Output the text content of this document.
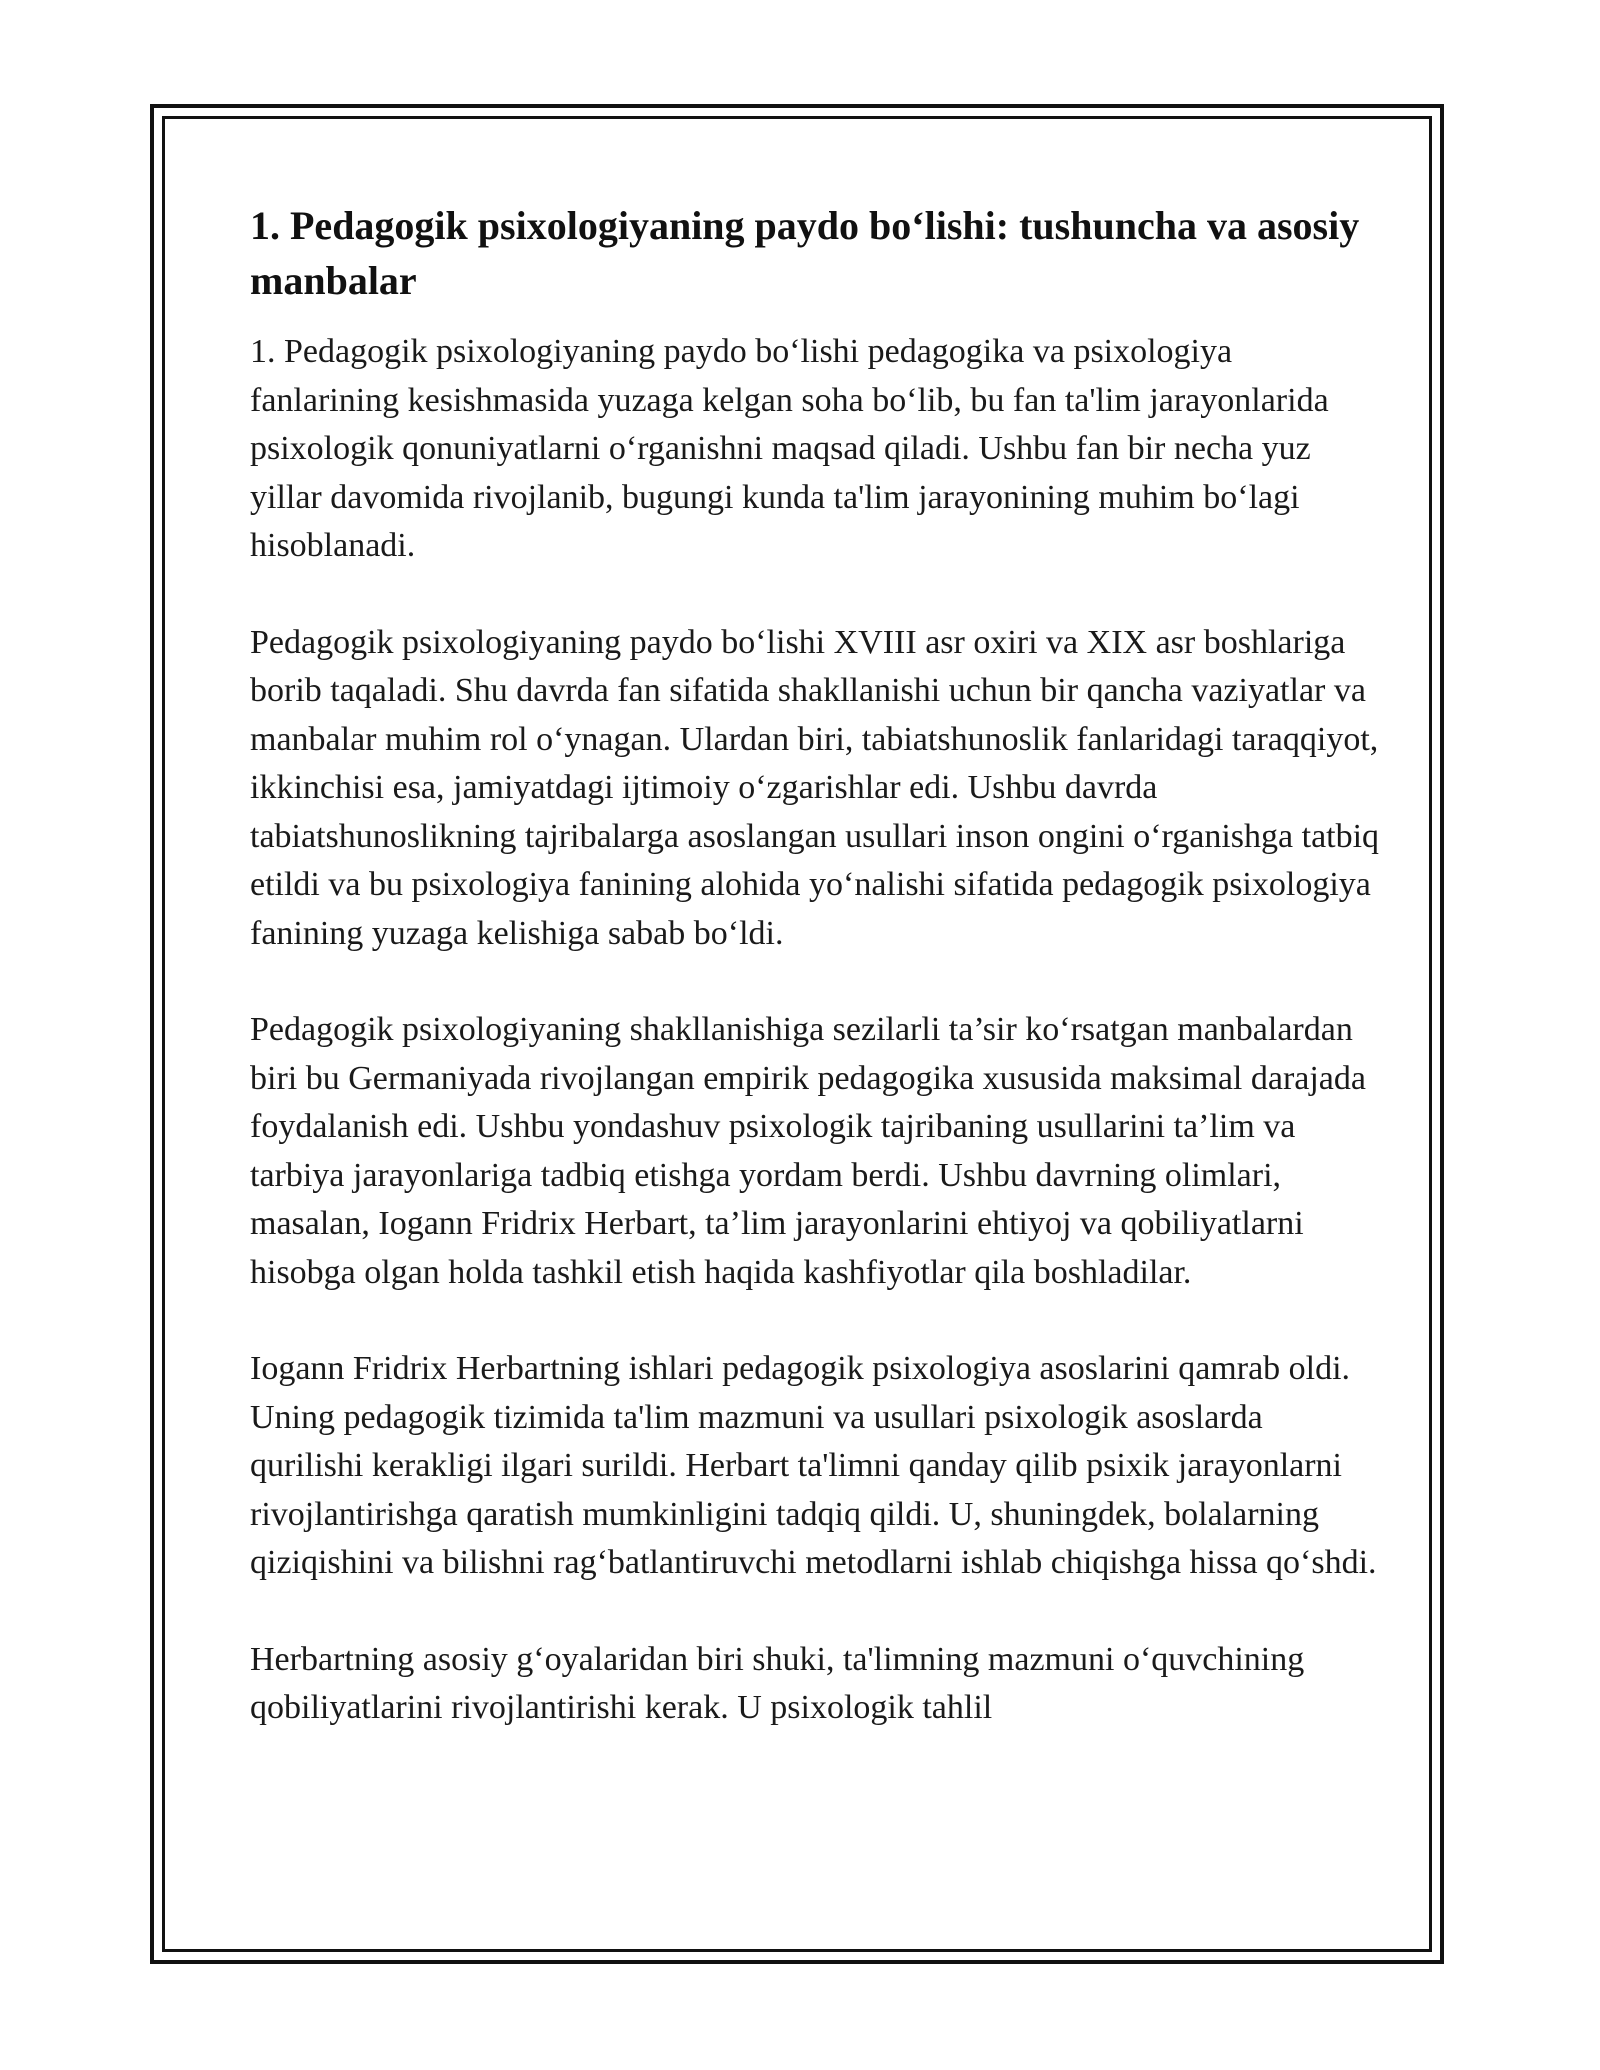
1. Pedagogik psixologiyaning paydo bo‘lishi: tushuncha va asosiy manbalar

1. Pedagogik psixologiyaning paydo bo‘lishi pedagogika va psixologiya fanlarining kesishmasida yuzaga kelgan soha bo‘lib, bu fan ta'lim jarayonlarida psixologik qonuniyatlarni o‘rganishni maqsad qiladi. Ushbu fan bir necha yuz yillar davomida rivojlanib, bugungi kunda ta'lim jarayonining muhim bo‘lagi hisoblanadi.

Pedagogik psixologiyaning paydo bo‘lishi XVIII asr oxiri va XIX asr boshlariga borib taqaladi. Shu davrda fan sifatida shakllanishi uchun bir qancha vaziyatlar va manbalar muhim rol o‘ynagan. Ulardan biri, tabiatshunoslik fanlaridagi taraqqiyot, ikkinchisi esa, jamiyatdagi ijtimoiy o‘zgarishlar edi. Ushbu davrda tabiatshunoslikning tajribalarga asoslangan usullari inson ongini o‘rganishga tatbiq etildi va bu psixologiya fanining alohida yo‘nalishi sifatida pedagogik psixologiya fanining yuzaga kelishiga sabab bo‘ldi.

Pedagogik psixologiyaning shakllanishiga sezilarli ta’sir ko‘rsatgan manbalardan biri bu Germaniyada rivojlangan empirik pedagogika xususida maksimal darajada foydalanish edi. Ushbu yondashuv psixologik tajribaning usullarini ta’lim va tarbiya jarayonlariga tadbiq etishga yordam berdi. Ushbu davrning olimlari, masalan, Iogann Fridrix Herbart, ta’lim jarayonlarini ehtiyoj va qobiliyatlarni hisobga olgan holda tashkil etish haqida kashfiyotlar qila boshladilar.

Iogann Fridrix Herbartning ishlari pedagogik psixologiya asoslarini qamrab oldi. Uning pedagogik tizimida ta'lim mazmuni va usullari psixologik asoslarda qurilishi kerakligi ilgari surildi. Herbart ta'limni qanday qilib psixik jarayonlarni rivojlantirishga qaratish mumkinligini tadqiq qildi. U, shuningdek, bolalarning qiziqishini va bilishni rag‘batlantiruvchi metodlarni ishlab chiqishga hissa qo‘shdi.

Herbartning asosiy g‘oyalaridan biri shuki, ta'limning mazmuni o‘quvchining qobiliyatlarini rivojlantirishi kerak. U psixologik tahlil
